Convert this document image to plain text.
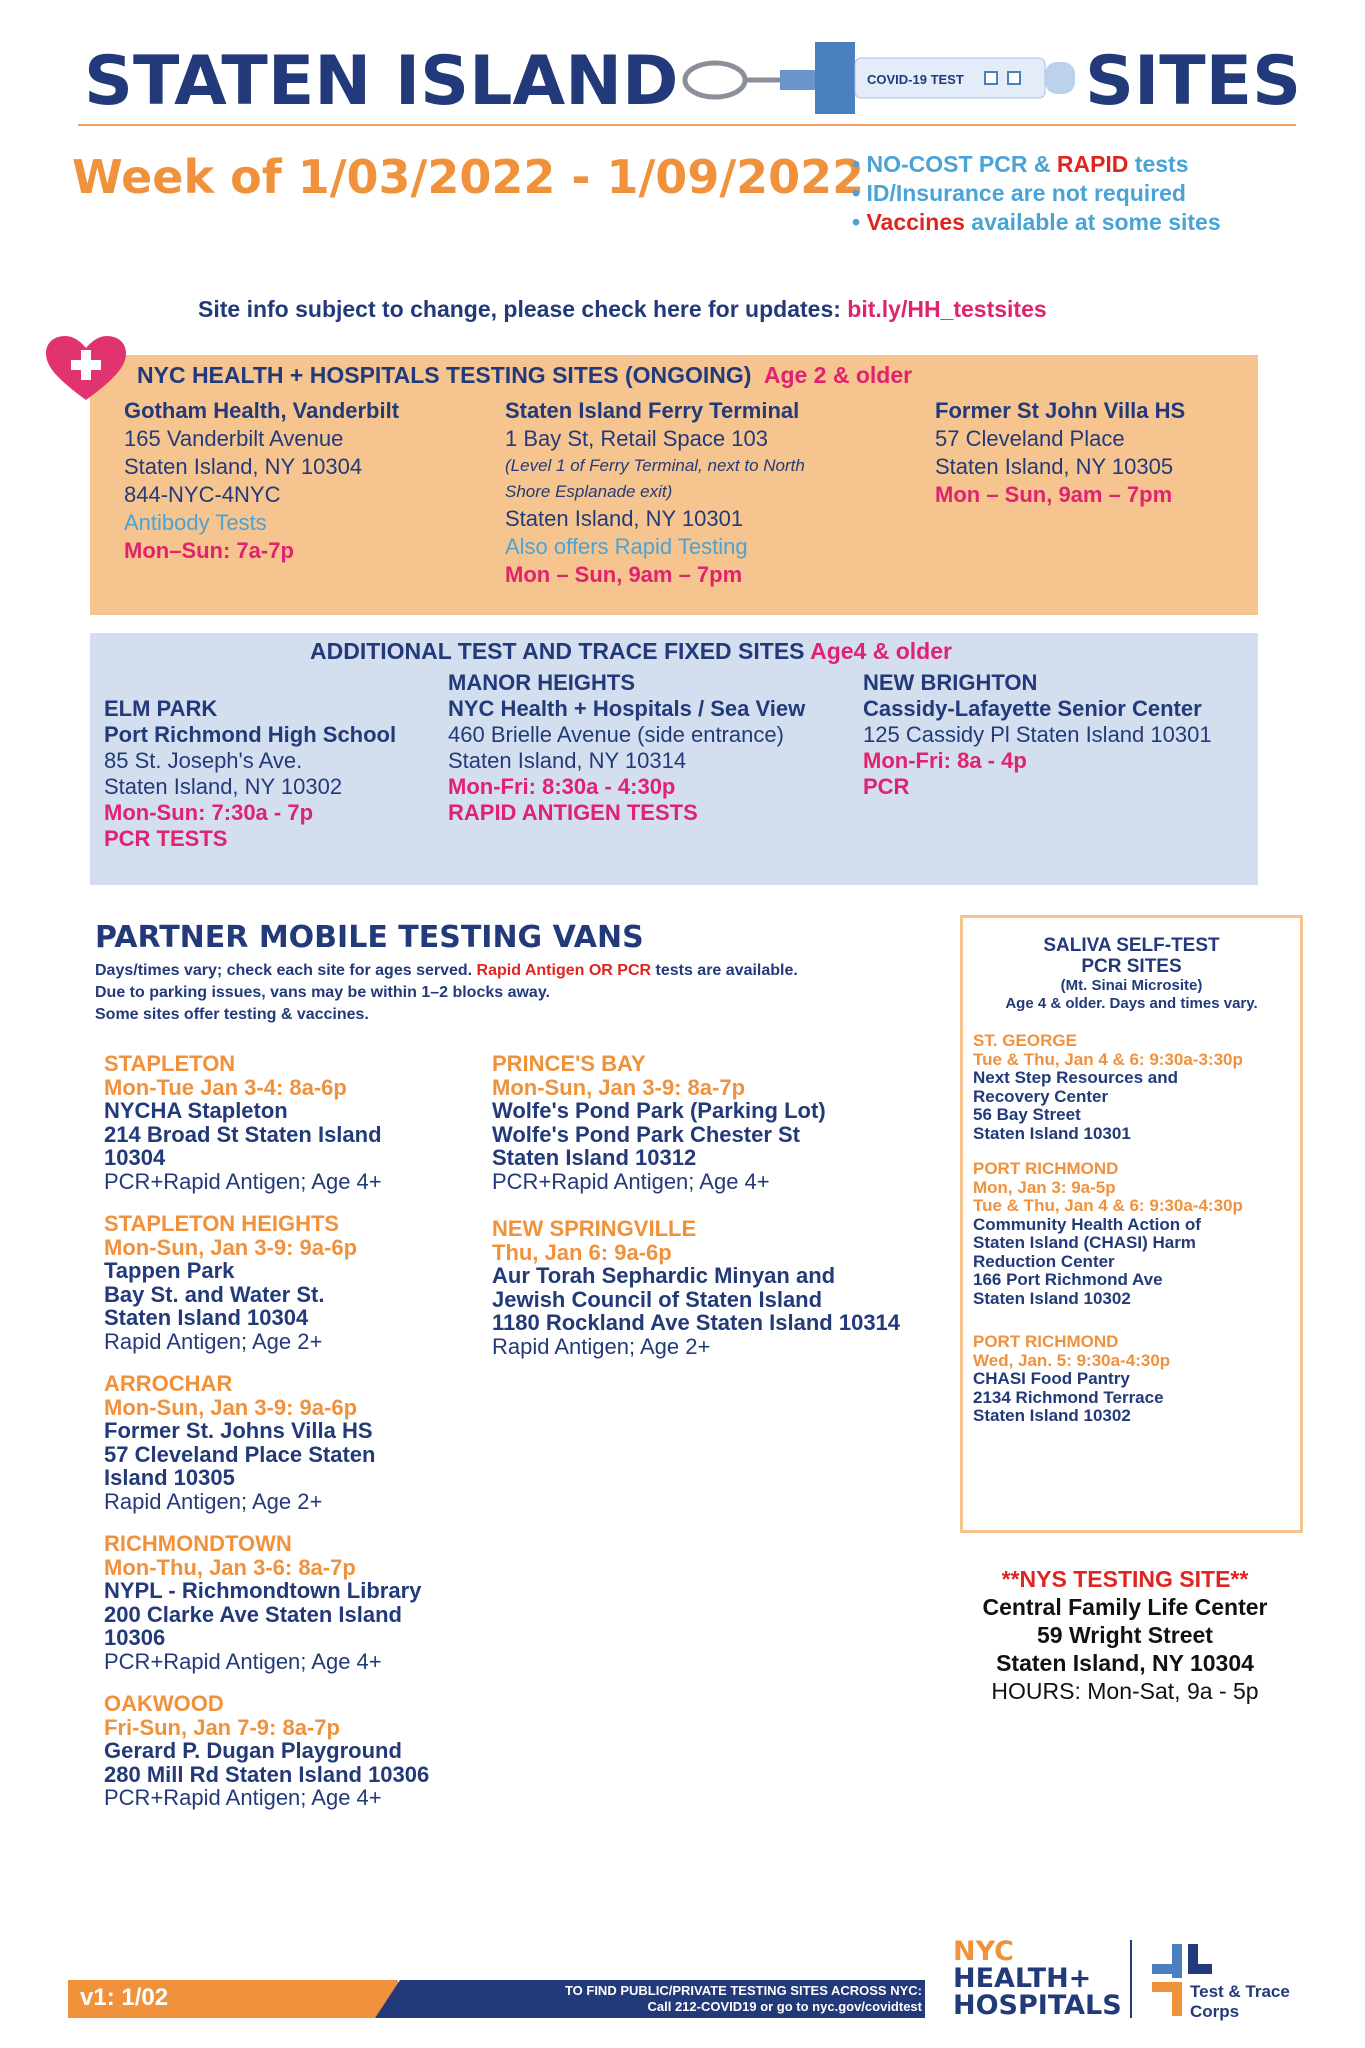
STATEN ISLAND	COVID-19 TEST SITES
Week of 1/03/2022 - 1/09/2022
• NO-COST PCR & RAPID tests
• ID/Insurance are not required
• Vaccines available at some sites
Site info subject to change, please check here for updates: bit.ly/HH_testsites
NYC HEALTH + HOSPITALS TESTING SITES (ONGOING) Age 2 & older
Gotham Health, Vanderbilt
165 Vanderbilt Avenue
Staten Island, NY 10304
844-NYC-4NYC
Antibody Tests
Mon–Sun: 7a-7p
Staten Island Ferry Terminal
1 Bay St, Retail Space 103
(Level 1 of Ferry Terminal, next to North
Shore Esplanade exit)
Staten Island, NY 10301
Also offers Rapid Testing
Mon – Sun, 9am – 7pm
Former St John Villa HS
57 Cleveland Place
Staten Island, NY 10305
Mon – Sun, 9am – 7pm
ADDITIONAL TEST AND TRACE FIXED SITES Age4 & older
ELM PARK
Port Richmond High School
85 St. Joseph's Ave.
Staten Island, NY 10302
Mon-Sun: 7:30a - 7p
PCR TESTS
MANOR HEIGHTS
NYC Health + Hospitals / Sea View
460 Brielle Avenue (side entrance)
Staten Island, NY 10314
Mon-Fri: 8:30a - 4:30p
RAPID ANTIGEN TESTS
NEW BRIGHTON
Cassidy-Lafayette Senior Center
125 Cassidy Pl Staten Island 10301
Mon-Fri: 8a - 4p
PCR
PARTNER MOBILE TESTING VANS
Days/times vary; check each site for ages served. Rapid Antigen OR PCR tests are available.
Due to parking issues, vans may be within 1–2 blocks away.
Some sites offer testing & vaccines.
STAPLETON
Mon-Tue Jan 3-4: 8a-6p
NYCHA Stapleton
214 Broad St Staten Island
10304
PCR+Rapid Antigen; Age 4+
STAPLETON HEIGHTS
Mon-Sun, Jan 3-9: 9a-6p
Tappen Park
Bay St. and Water St.
Staten Island 10304
Rapid Antigen; Age 2+
ARROCHAR
Mon-Sun, Jan 3-9: 9a-6p
Former St. Johns Villa HS
57 Cleveland Place Staten
Island 10305
Rapid Antigen; Age 2+
RICHMONDTOWN
Mon-Thu, Jan 3-6: 8a-7p
NYPL - Richmondtown Library
200 Clarke Ave Staten Island
10306
PCR+Rapid Antigen; Age 4+
OAKWOOD
Fri-Sun, Jan 7-9: 8a-7p
Gerard P. Dugan Playground
280 Mill Rd Staten Island 10306
PCR+Rapid Antigen; Age 4+
PRINCE'S BAY
Mon-Sun, Jan 3-9: 8a-7p
Wolfe's Pond Park (Parking Lot)
Wolfe's Pond Park Chester St
Staten Island 10312
PCR+Rapid Antigen; Age 4+
NEW SPRINGVILLE
Thu, Jan 6: 9a-6p
Aur Torah Sephardic Minyan and
Jewish Council of Staten Island
1180 Rockland Ave Staten Island 10314
Rapid Antigen; Age 2+
SALIVA SELF-TEST
PCR SITES
(Mt. Sinai Microsite)
Age 4 & older. Days and times vary.
ST. GEORGE
Tue & Thu, Jan 4 & 6: 9:30a-3:30p
Next Step Resources and
Recovery Center
56 Bay Street
Staten Island 10301
PORT RICHMOND
Mon, Jan 3: 9a-5p
Tue & Thu, Jan 4 & 6: 9:30a-4:30p
Community Health Action of
Staten Island (CHASI) Harm
Reduction Center
166 Port Richmond Ave
Staten Island 10302
PORT RICHMOND
Wed, Jan. 5: 9:30a-4:30p
CHASI Food Pantry
2134 Richmond Terrace
Staten Island 10302
**NYS TESTING SITE**
Central Family Life Center
59 Wright Street
Staten Island, NY 10304
HOURS: Mon-Sat, 9a - 5p
v1: 1/02	TO FIND PUBLIC/PRIVATE TESTING SITES ACROSS NYC:
Call 212-COVID19 or go to nyc.gov/covidtest
NYC
HEALTH+
HOSPITALS	Test & Trace
Corps
